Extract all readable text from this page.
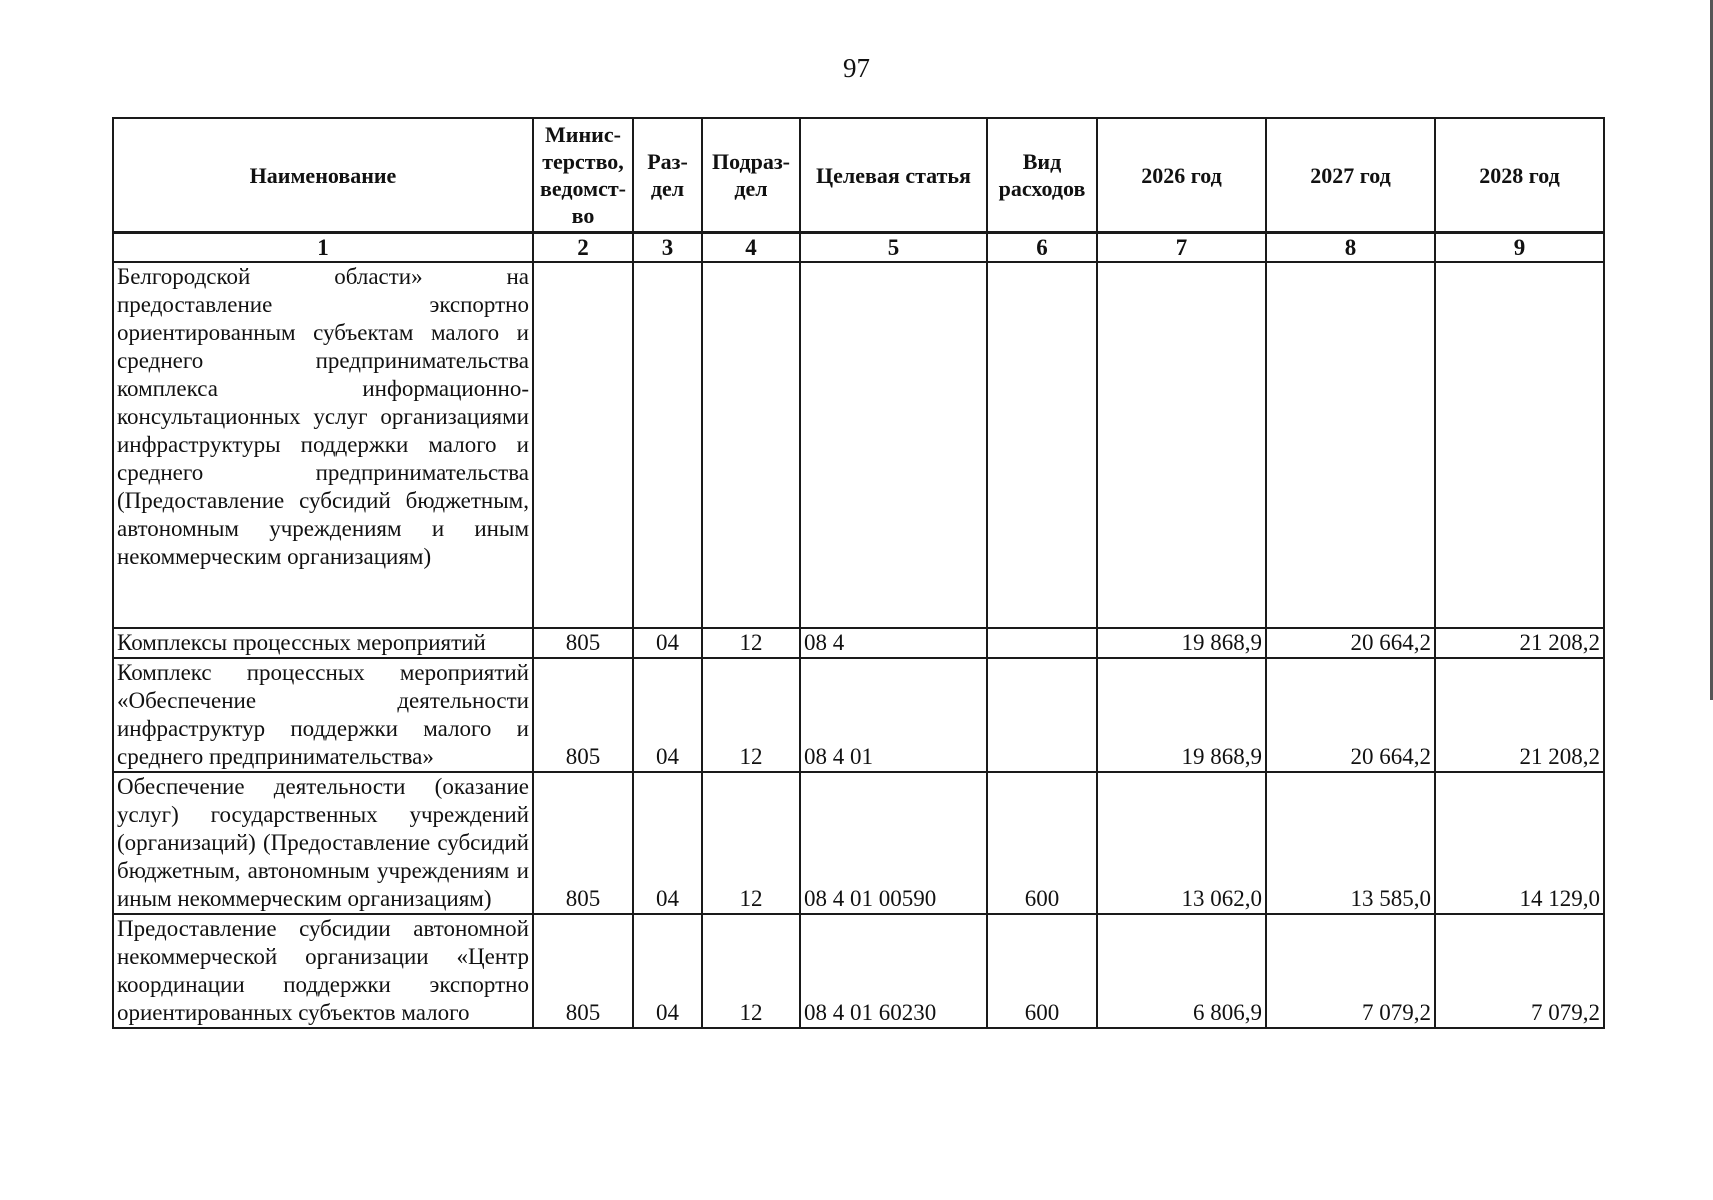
97
Наименование	Минис-терство, ведомст-во	Раз-дел	Подраз-дел	Целевая статья	Вид расходов	2026 год	2027 год	2028 год
1	2	3	4	5	6	7	8	9
Белгородской области» на предоставление экспортно ориентированным субъектам малого и среднего предпринимательства комплекса информационно-консультационных услуг организациями инфраструктуры поддержки малого и среднего предпринимательства (Предоставление субсидий бюджетным, автономным учреждениям и иным некоммерческим организациям)								
Комплексы процессных мероприятий	805	04	12	08 4		19 868,9	20 664,2	21 208,2
Комплекс процессных мероприятий «Обеспечение деятельности инфраструктур поддержки малого и среднего предпринимательства»	805	04	12	08 4 01		19 868,9	20 664,2	21 208,2
Обеспечение деятельности (оказание услуг) государственных учреждений (организаций) (Предоставление субсидий бюджетным, автономным учреждениям и иным некоммерческим организациям)	805	04	12	08 4 01 00590	600	13 062,0	13 585,0	14 129,0
Предоставление субсидии автономной некоммерческой организации «Центр координации поддержки экспортно ориентированных субъектов малого	805	04	12	08 4 01 60230	600	6 806,9	7 079,2	7 079,2
